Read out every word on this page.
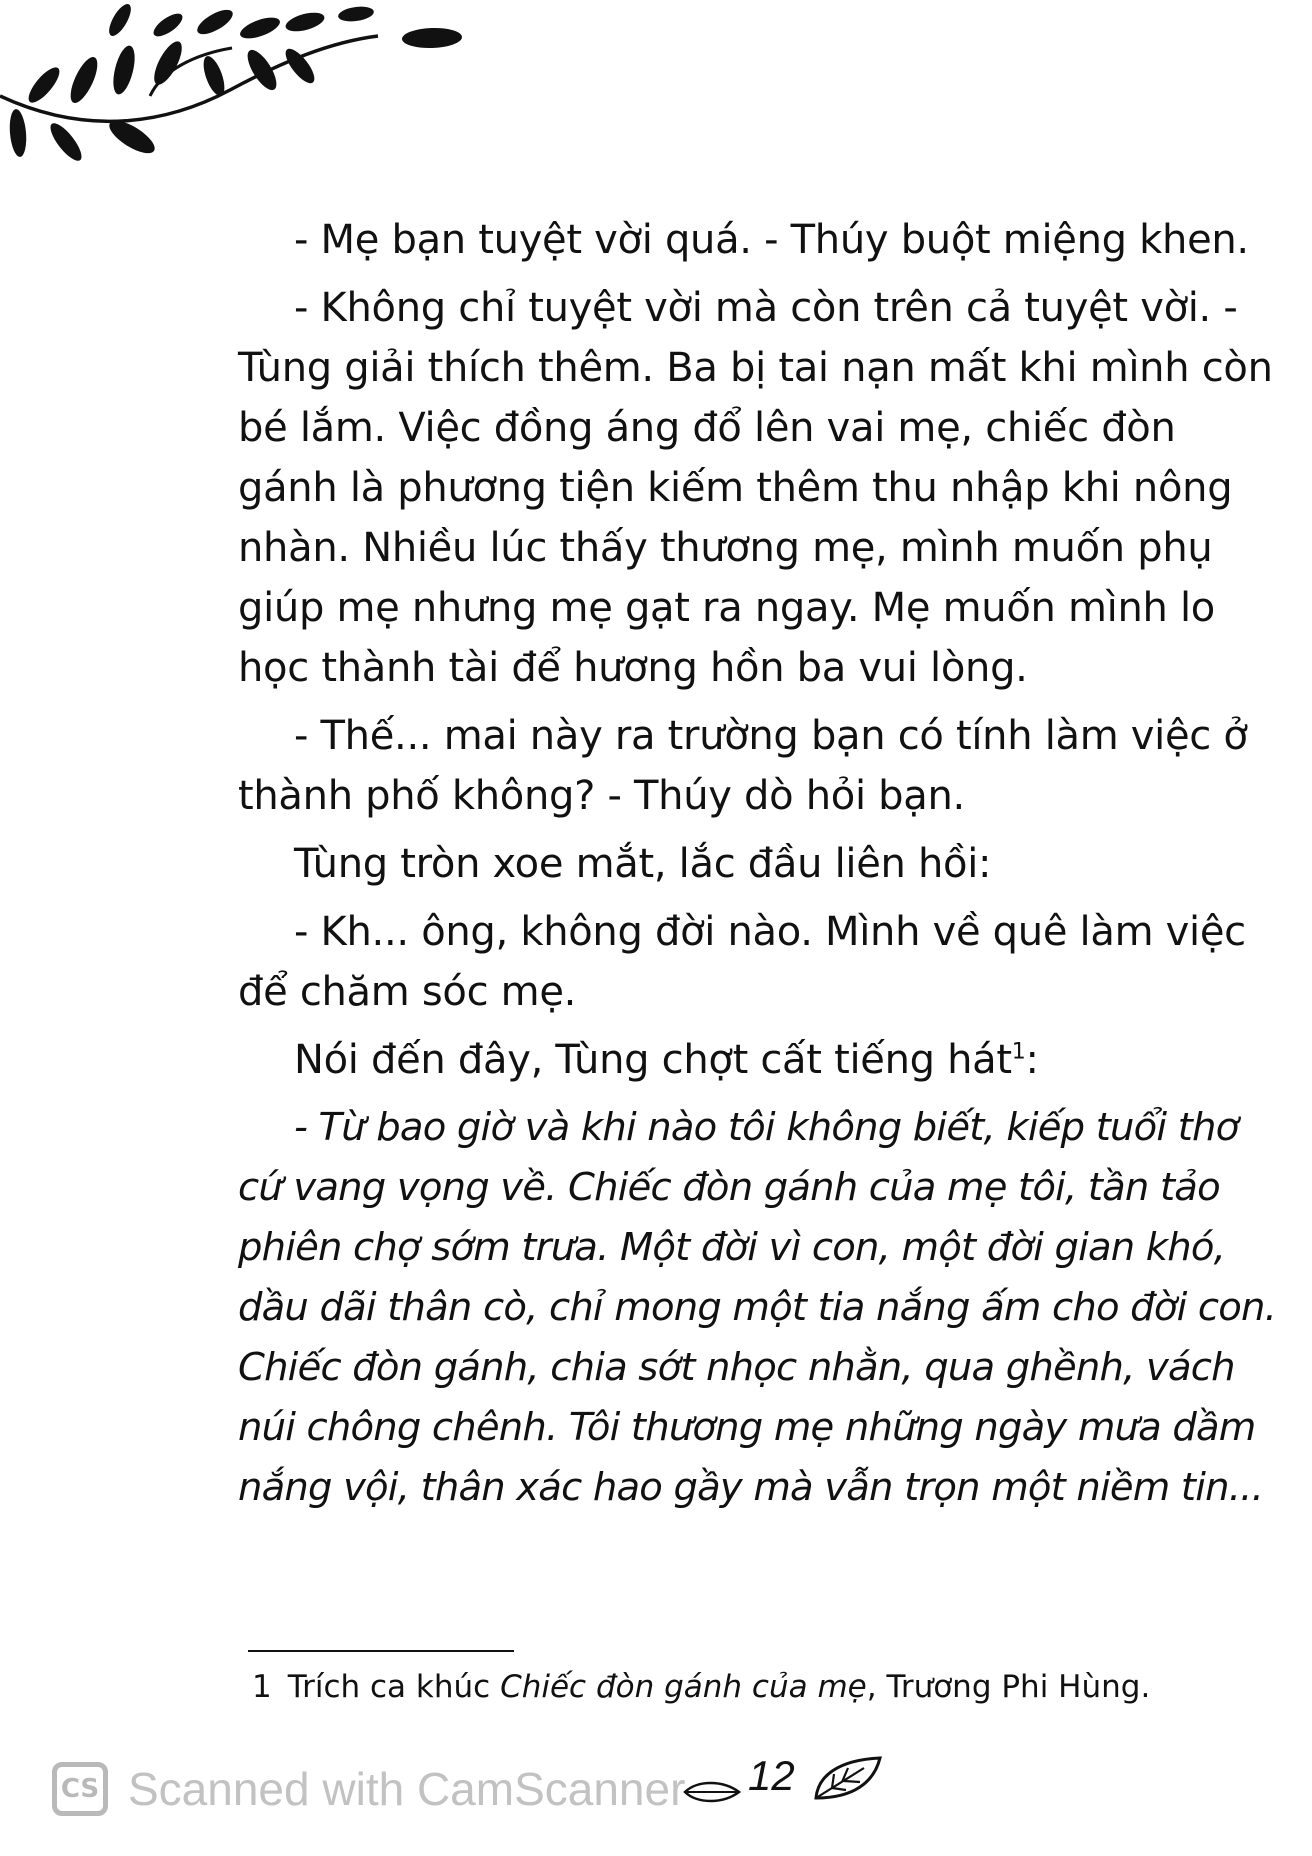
- Mẹ bạn tuyệt vời quá. - Thúy buột miệng khen.

- Không chỉ tuyệt vời mà còn trên cả tuyệt vời. - Tùng giải thích thêm. Ba bị tai nạn mất khi mình còn bé lắm. Việc đồng áng đổ lên vai mẹ, chiếc đòn gánh là phương tiện kiếm thêm thu nhập khi nông nhàn. Nhiều lúc thấy thương mẹ, mình muốn phụ giúp mẹ nhưng mẹ gạt ra ngay. Mẹ muốn mình lo học thành tài để hương hồn ba vui lòng.

- Thế... mai này ra trường bạn có tính làm việc ở thành phố không? - Thúy dò hỏi bạn.

Tùng tròn xoe mắt, lắc đầu liên hồi:

- Kh... ông, không đời nào. Mình về quê làm việc để chăm sóc mẹ.

Nói đến đây, Tùng chợt cất tiếng hát$^1$:

- Từ bao giờ và khi nào tôi không biết, kiếp tuổi thơ cứ vang vọng về. Chiếc đòn gánh của mẹ tôi, tần tảo phiên chợ sớm trưa. Một đời vì con, một đời gian khó, dầu dãi thân cò, chỉ mong một tia nắng ấm cho đời con. Chiếc đòn gánh, chia sớt nhọc nhằn, qua ghềnh, vách núi chông chênh. Tôi thương mẹ những ngày mưa dầm nắng vội, thân xác hao gầy mà vẫn trọn một niềm tin...

1 Trích ca khúc Chiếc đòn gánh của mẹ, Trương Phi Hùng.
CS Scanned with CamScanner 12
